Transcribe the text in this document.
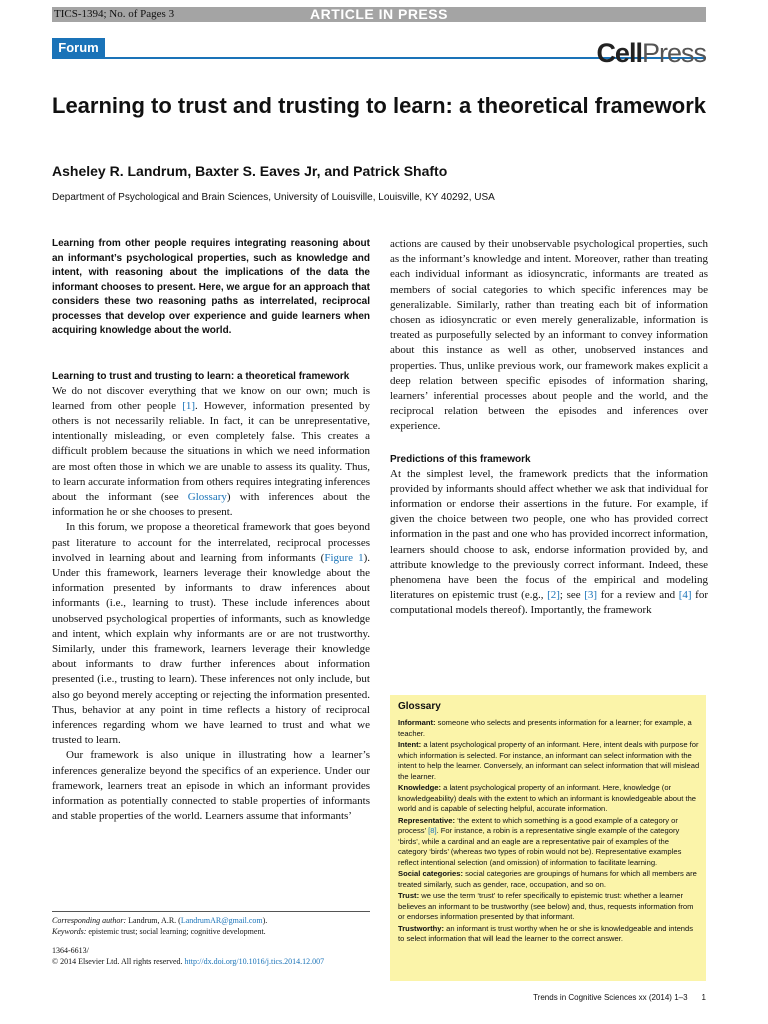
TICS-1394; No. of Pages 3	ARTICLE IN PRESS
Forum	CellPress
Learning to trust and trusting to learn: a theoretical framework
Asheley R. Landrum, Baxter S. Eaves Jr, and Patrick Shafto
Department of Psychological and Brain Sciences, University of Louisville, Louisville, KY 40292, USA

Learning from other people requires integrating reasoning about an informant’s psychological properties, such as knowledge and intent, with reasoning about the implications of the data the informant chooses to present. Here, we argue for an approach that considers these two reasoning paths as interrelated, reciprocal processes that develop over experience and guide learners when acquiring knowledge about the world.

Learning to trust and trusting to learn: a theoretical framework

We do not discover everything that we know on our own; much is learned from other people [1]. However, information presented by others is not necessarily reliable. In fact, it can be unrepresentative, intentionally misleading, or even completely false. This creates a difficult problem because the situations in which we need information are most often those in which we are unable to assess its quality. Thus, to learn accurate information from others requires integrating inferences about the informant (see Glossary) with inferences about the information he or she chooses to present.

In this forum, we propose a theoretical framework that goes beyond past literature to account for the interrelated, reciprocal processes involved in learning about and learning from informants (Figure 1). Under this framework, learners leverage their knowledge about the information presented by informants to draw inferences about informants (i.e., learning to trust). These include inferences about unobserved psychological properties of informants, such as knowledge and intent, which explain why informants are or are not trustworthy. Similarly, under this framework, learners leverage their knowledge about informants to draw further inferences about information presented (i.e., trusting to learn). These inferences not only include, but also go beyond merely accepting or rejecting the information presented. Thus, behavior at any point in time reflects a history of reciprocal inferences regarding whom we have learned to trust and what we trusted to learn.

Our framework is also unique in illustrating how a learner’s inferences generalize beyond the specifics of an experience. Under our framework, learners treat an episode in which an informant provides information as potentially connected to stable properties of informants and stable properties of the world. Learners assume that informants’

Corresponding author: Landrum, A.R. (LandrumAR@gmail.com).

Keywords: epistemic trust; social learning; cognitive development.

1364-6613/

© 2014 Elsevier Ltd. All rights reserved. http://dx.doi.org/10.1016/j.tics.2014.12.007

actions are caused by their unobservable psychological properties, such as the informant’s knowledge and intent. Moreover, rather than treating each individual informant as idiosyncratic, informants are treated as members of social categories to which specific inferences may be generalizable. Similarly, rather than treating each bit of information chosen as idiosyncratic or even merely generalizable, information is treated as purposefully selected by an informant to convey information about this instance as well as other, unobserved instances and properties. Thus, unlike previous work, our framework makes explicit a deep relation between specific episodes of information sharing, learners’ inferential processes about people and the world, and the reciprocal relation between the episodes and inferences over experience.

Predictions of this framework

At the simplest level, the framework predicts that the information provided by informants should affect whether we ask that individual for information or endorse their assertions in the future. For example, if given the choice between two people, one who has provided correct information in the past and one who has provided incorrect information, learners should choose to ask, endorse information provided by, and attribute knowledge to the previously correct informant. Indeed, these phenomena have been the focus of the empirical and modeling literatures on epistemic trust (e.g., [2]; see [3] for a review and [4] for computational models thereof). Importantly, the framework

Glossary

Informant: someone who selects and presents information for a learner; for example, a teacher.

Intent: a latent psychological property of an informant. Here, intent deals with purpose for which information is selected. For instance, an informant can select information with the intent to help the learner. Conversely, an informant can select information that will mislead the learner.

Knowledge: a latent psychological property of an informant. Here, knowledge (or knowledgeability) deals with the extent to which an informant is knowledgeable about the world and is capable of selecting helpful, accurate information.

Representative: ‘the extent to which something is a good example of a category or process’ [8]. For instance, a robin is a representative single example of the category ‘birds’, while a cardinal and an eagle are a representative pair of examples of the category ‘birds’ (whereas two types of robin would not be). Representative examples reflect intentional selection (and omission) of information to facilitate learning.

Social categories: social categories are groupings of humans for which all members are treated similarly, such as gender, race, occupation, and so on.

Trust: we use the term ‘trust’ to refer specifically to epistemic trust: whether a learner believes an informant to be trustworthy (see below) and, thus, requests information from or endorses information presented by that informant.

Trustworthy: an informant is trust worthy when he or she is knowledgeable and intends to select information that will lead the learner to the correct answer.

Trends in Cognitive Sciences xx (2014) 1–3 1
